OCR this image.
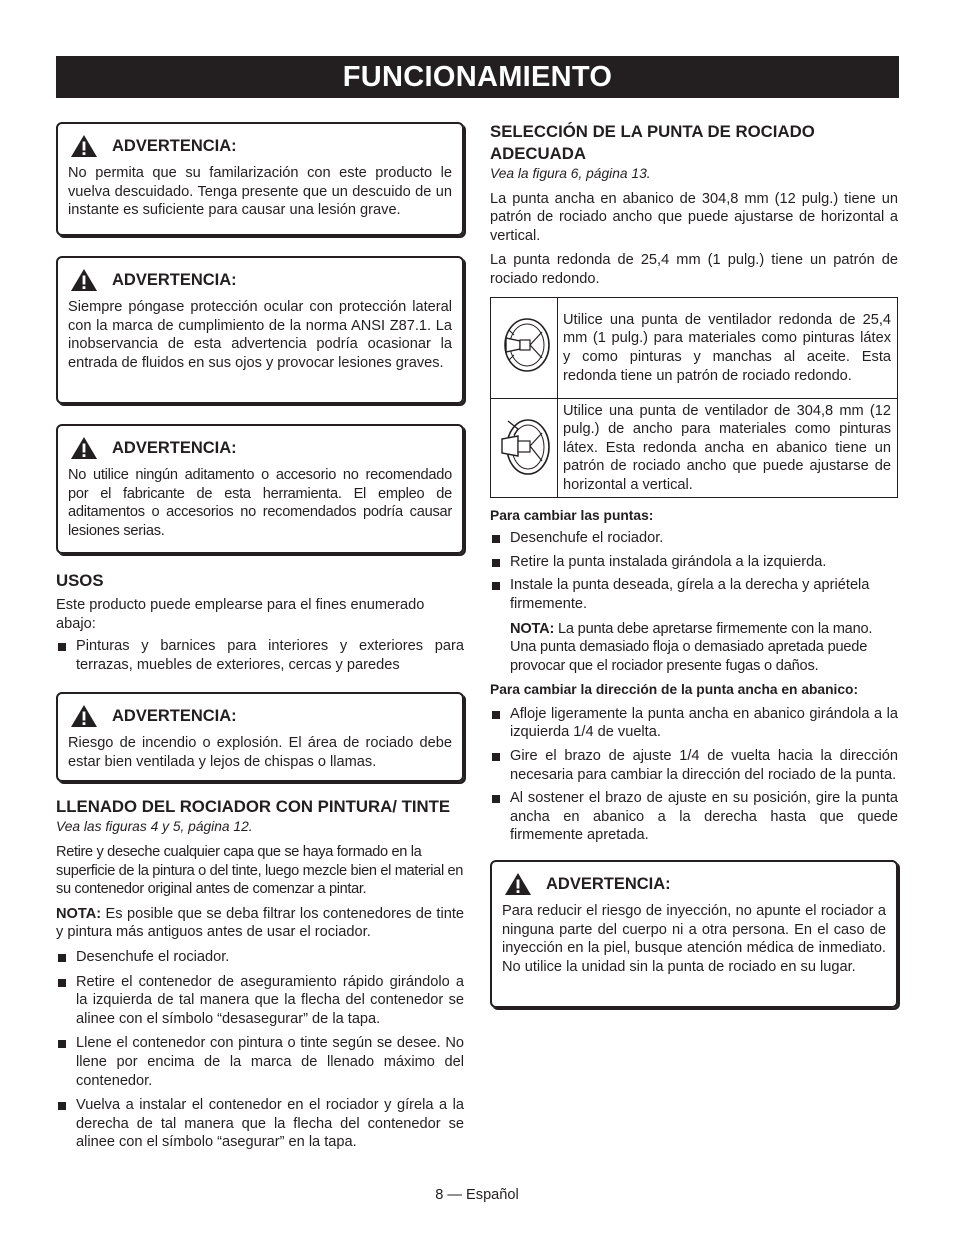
FUNCIONAMIENTO
ADVERTENCIA:

No permita que su familarización con este producto le vuelva descuidado. Tenga presente que un descuido de un instante es suficiente para causar una lesión grave.

ADVERTENCIA:

Siempre póngase protección ocular con protección lateral con la marca de cumplimiento de la norma ANSI Z87.1. La inobservancia de esta advertencia podría ocasionar la entrada de fluidos en sus ojos y provocar lesiones graves.

ADVERTENCIA:

No utilice ningún aditamento o accesorio no recomendado por el fabricante de esta herramienta. El empleo de aditamentos o accesorios no recomendados podría causar lesiones serias.

USOS

Este producto puede emplearse para el fines enumerado abajo:

Pinturas y barnices para interiores y exteriores para terrazas, muebles de exteriores, cercas y paredes
ADVERTENCIA:

Riesgo de incendio o explosión. El área de rociado debe estar bien ventilada y lejos de chispas o llamas.

LLENADO DEL ROCIADOR CON PINTURA/ TINTE

Vea las figuras 4 y 5, página 12.

Retire y deseche cualquier capa que se haya formado en la superficie de la pintura o del tinte, luego mezcle bien el material en su contenedor original antes de comenzar a pintar.

NOTA: Es posible que se deba filtrar los contenedores de tinte y pintura más antiguos antes de usar el rociador.

Desenchufe el rociador.
Retire el contenedor de aseguramiento rápido girándolo a la izquierda de tal manera que la flecha del contenedor se alinee con el símbolo “desasegurar” de la tapa.
Llene el contenedor con pintura o tinte según se desee. No llene por encima de la marca de llenado máximo del contenedor.
Vuelva a instalar el contenedor en el rociador y gírela a la derecha de tal manera que la flecha del contenedor se alinee con el símbolo “asegurar” en la tapa.
SELECCIÓN DE LA PUNTA DE ROCIADO ADECUADA

Vea la figura 6, página 13.

La punta ancha en abanico de 304,8 mm (12 pulg.) tiene un patrón de rociado ancho que puede ajustarse de horizontal a vertical.

La punta redonda de 25,4 mm (1 pulg.) tiene un patrón de rociado redondo.

	Utilice una punta de ventilador redonda de 25,4 mm (1 pulg.) para materiales como pinturas látex y como pinturas y manchas al aceite. Esta redonda tiene un patrón de rociado redondo.
	Utilice una punta de ventilador de 304,8 mm (12 pulg.) de ancho para materiales como pinturas látex. Esta redonda ancha en abanico tiene un patrón de rociado ancho que puede ajustarse de horizontal a vertical.

Para cambiar las puntas:

Desenchufe el rociador.
Retire la punta instalada girándola a la izquierda.
Instale la punta deseada, gírela a la derecha y apriétela firmemente.

NOTA: La punta debe apretarse firmemente con la mano. Una punta demasiado floja o demasiado apretada puede provocar que el rociador presente fugas o daños.

Para cambiar la dirección de la punta ancha en abanico:

Afloje ligeramente la punta ancha en abanico girándola a la izquierda 1/4 de vuelta.
Gire el brazo de ajuste 1/4 de vuelta hacia la dirección necesaria para cambiar la dirección del rociado de la punta.
Al sostener el brazo de ajuste en su posición, gire la punta ancha en abanico a la derecha hasta que quede firmemente apretada.
ADVERTENCIA:

Para reducir el riesgo de inyección, no apunte el rociador a ninguna parte del cuerpo ni a otra persona. En el caso de inyección en la piel, busque atención médica de inmediato. No utilice la unidad sin la punta de rociado en su lugar.

8 — Español
